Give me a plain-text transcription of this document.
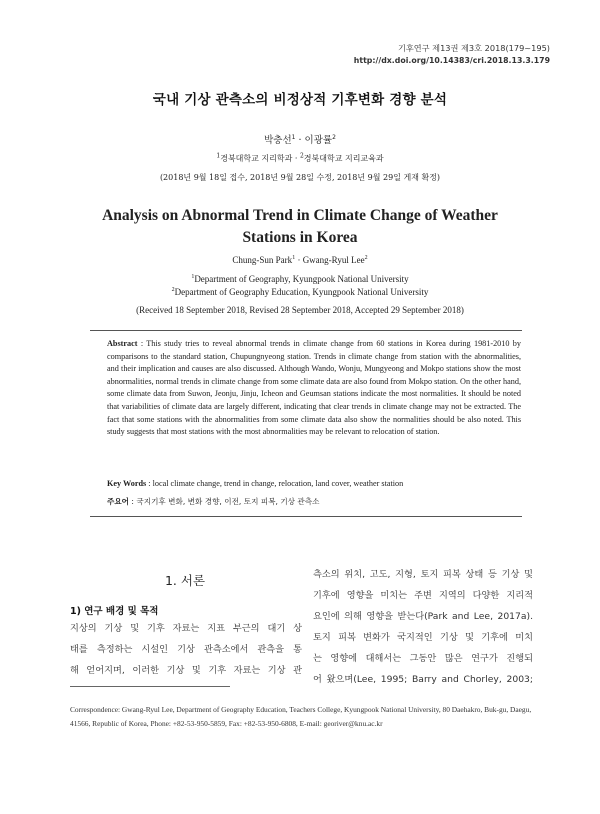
기후연구 제13권 제3호 2018(179~195)
http://dx.doi.org/10.14383/cri.2018.13.3.179
국내 기상 관측소의 비정상적 기후변화 경향 분석
박충선$^1$ · 이광률$^2$
$^1$경북대학교 지리학과 · $^2$경북대학교 지리교육과
(2018년 9월 18일 접수, 2018년 9월 28일 수정, 2018년 9월 29일 게재 확정)
Analysis on Abnormal Trend in Climate Change of Weather Stations in Korea
Chung-Sun Park$^1$ · Gwang-Ryul Lee$^2$
$^1$Department of Geography, Kyungpook National University
$^2$Department of Geography Education, Kyungpook National University
(Received 18 September 2018, Revised 28 September 2018, Accepted 29 September 2018)
Abstract : This study tries to reveal abnormal trends in climate change from 60 stations in Korea during 1981-2010 by comparisons to the standard station, Chupungnyeong station. Trends in climate change from station with the abnormalities, and their implication and causes are also discussed. Although Wando, Wonju, Mungyeong and Mokpo stations show the most abnormalities, normal trends in climate change from some climate data are also found from Mokpo station. On the other hand, some climate data from Suwon, Jeonju, Jinju, Icheon and Geumsan stations indicate the most normalities. It should be noted that variabilities of climate data are largely different, indicating that clear trends in climate change may not be extracted. The fact that some stations with the abnormalities from some climate data also show the normalities should be also noted. This study suggests that most stations with the most abnormalities may be relevant to relocation of station.
Key Words : local climate change, trend in change, relocation, land cover, weather station
주요어 : 국지기후 변화, 변화 경향, 이전, 토지 피복, 기상 관측소
1. 서론
1) 연구 배경 및 목적
지상의 기상 및 기후 자료는 지표 부근의 대기 상
태를 측정하는 시설인 기상 관측소에서 관측을 통
해 얻어지며, 이러한 기상 및 기후 자료는 기상 관
측소의 위치, 고도, 지형, 토지 피복 상태 등 기상 및
기후에 영향을 미치는 주변 지역의 다양한 지리적
요인에 의해 영향을 받는다(Park and Lee, 2017a).
토지 피복 변화가 국지적인 기상 및 기후에 미치
는 영향에 대해서는 그동안 많은 연구가 진행되
어 왔으며(Lee, 1995; Barry and Chorley, 2003;
Correspondence: Gwang-Ryul Lee, Department of Geography Education, Teachers College, Kyungpook National University, 80 Daehakro, Buk-gu, Daegu, 41566, Republic of Korea, Phone: +82-53-950-5859, Fax: +82-53-950-6808, E-mail: georiver@knu.ac.kr
